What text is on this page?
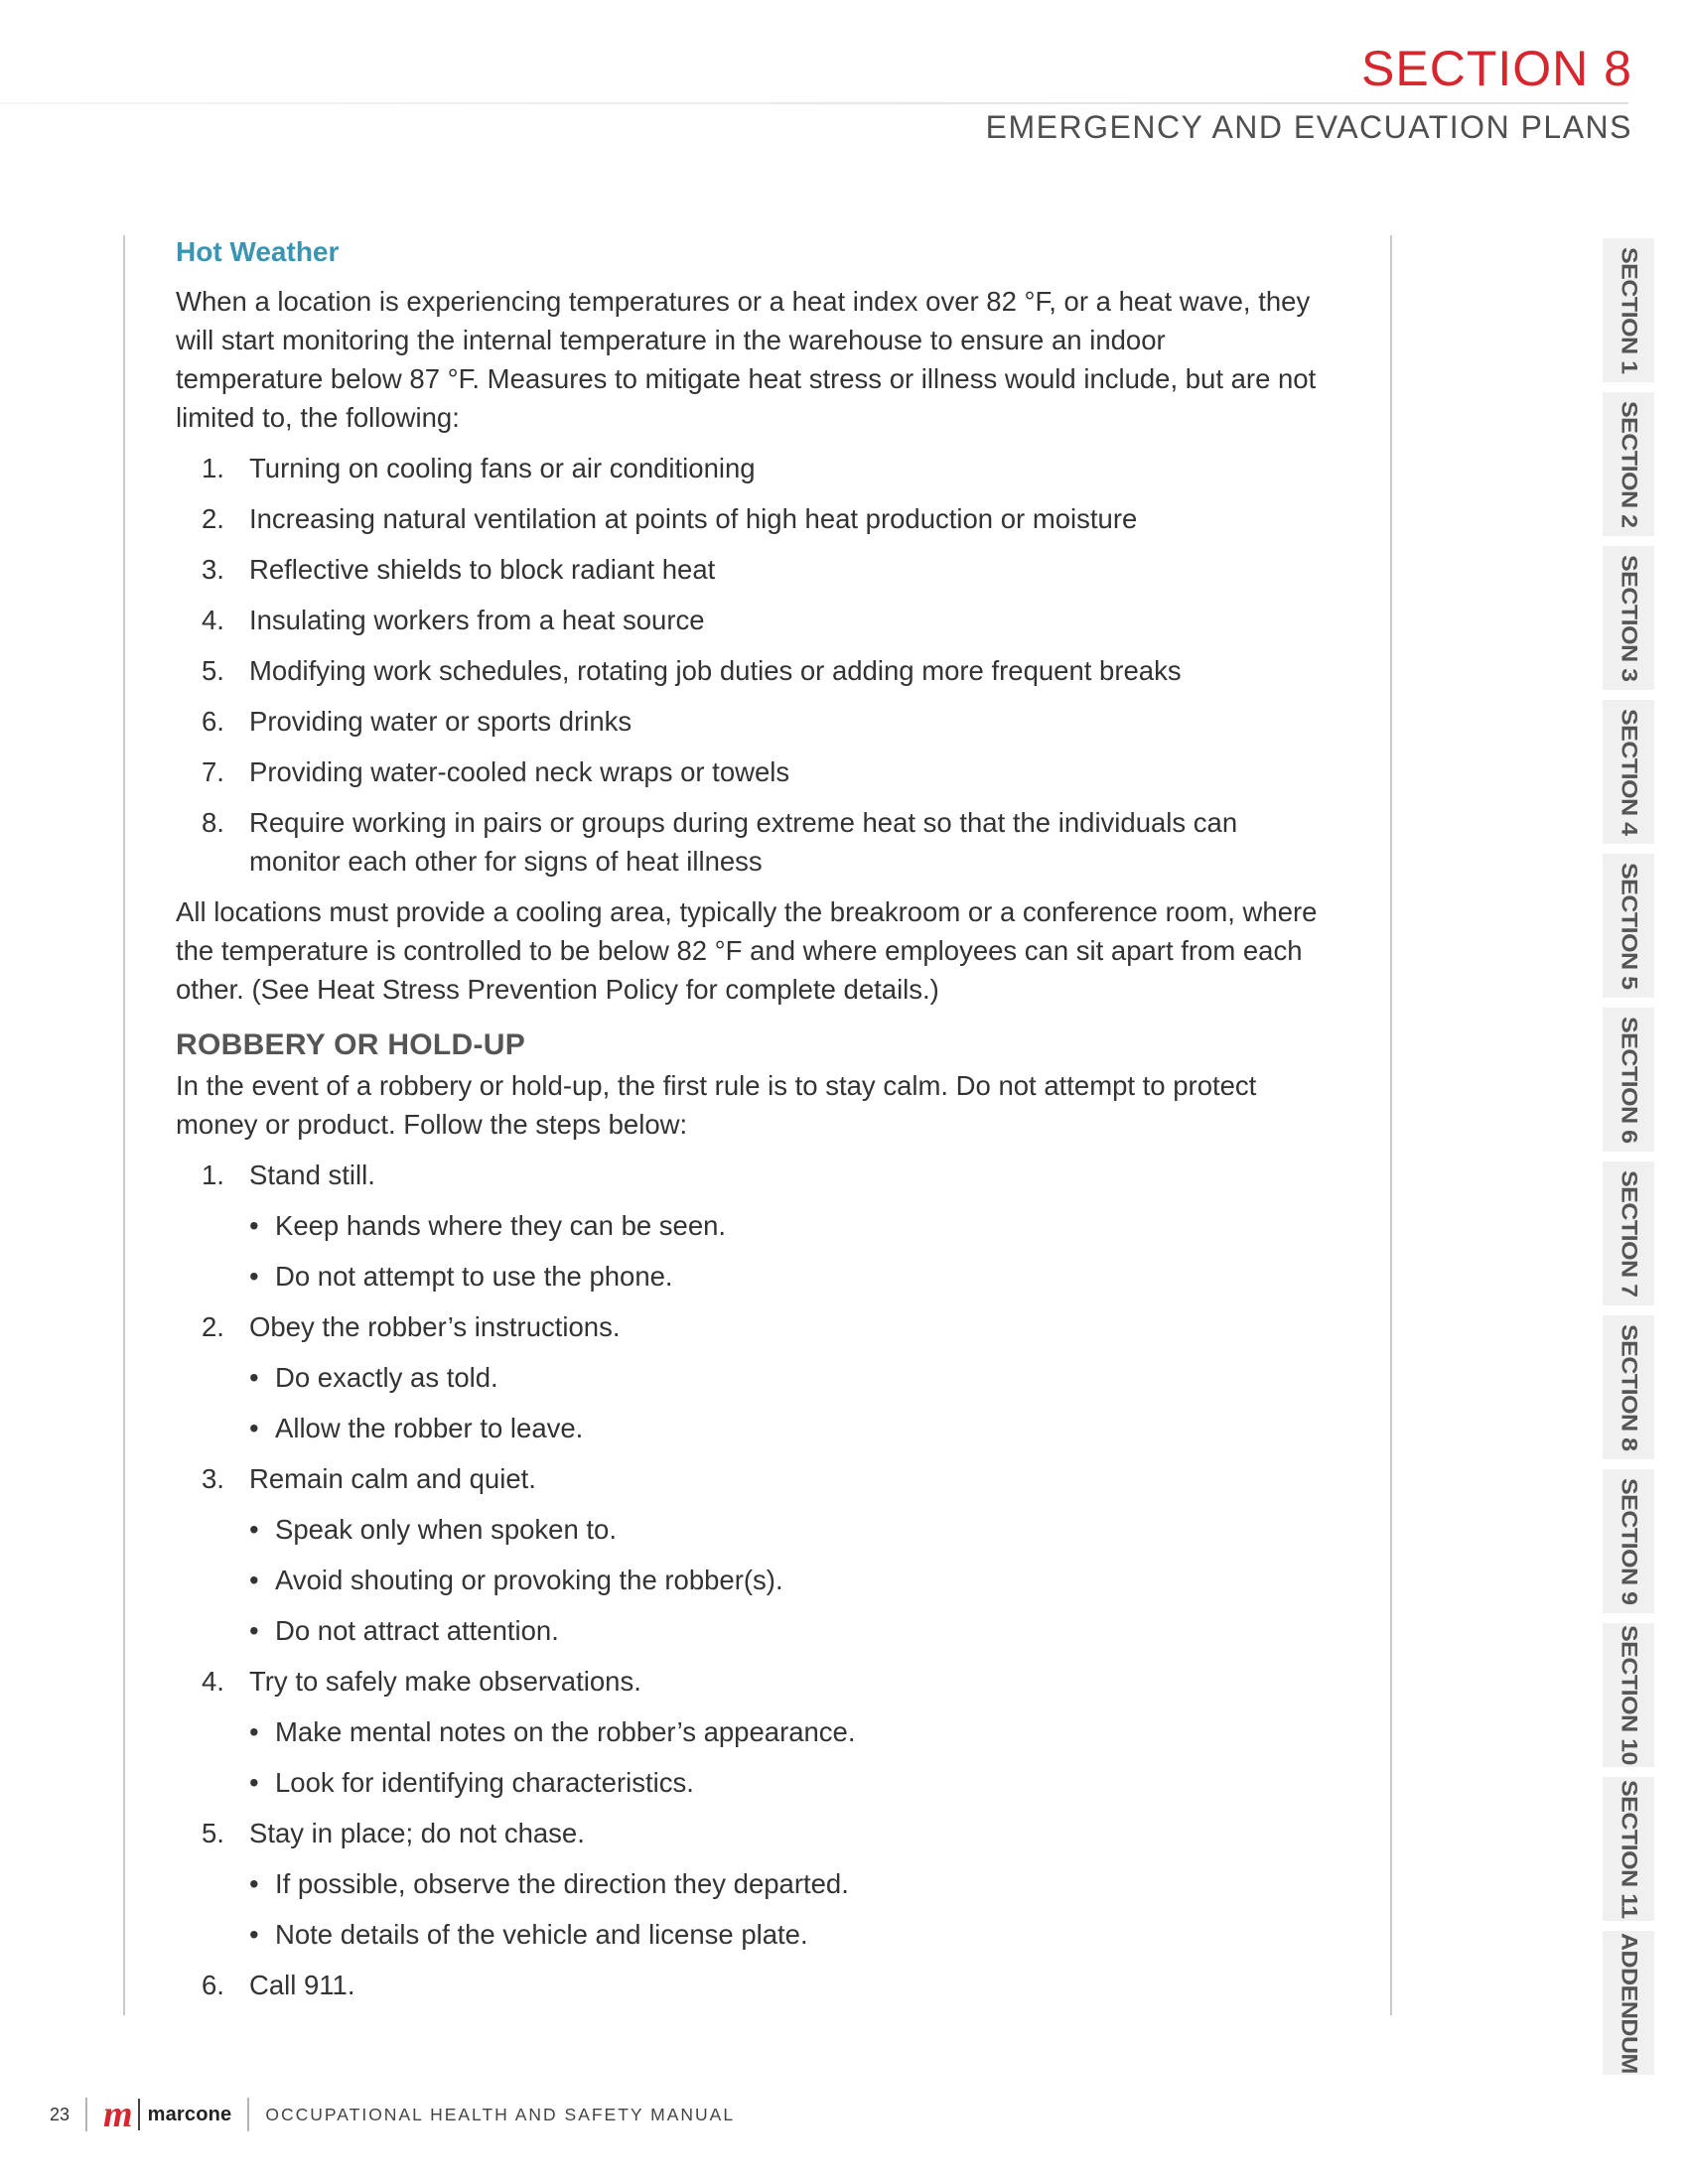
SECTION 8
EMERGENCY AND EVACUATION PLANS
Hot Weather
When a location is experiencing temperatures or a heat index over 82 °F, or a heat wave, they will start monitoring the internal temperature in the warehouse to ensure an indoor temperature below 87 °F. Measures to mitigate heat stress or illness would include, but are not limited to, the following:
1. Turning on cooling fans or air conditioning
2. Increasing natural ventilation at points of high heat production or moisture
3. Reflective shields to block radiant heat
4. Insulating workers from a heat source
5. Modifying work schedules, rotating job duties or adding more frequent breaks
6. Providing water or sports drinks
7. Providing water-cooled neck wraps or towels
8. Require working in pairs or groups during extreme heat so that the individuals can monitor each other for signs of heat illness
All locations must provide a cooling area, typically the breakroom or a conference room, where the temperature is controlled to be below 82 °F and where employees can sit apart from each other. (See Heat Stress Prevention Policy for complete details.)
ROBBERY OR HOLD-UP
In the event of a robbery or hold-up, the first rule is to stay calm. Do not attempt to protect money or product. Follow the steps below:
1. Stand still.
• Keep hands where they can be seen.
• Do not attempt to use the phone.
2. Obey the robber’s instructions.
• Do exactly as told.
• Allow the robber to leave.
3. Remain calm and quiet.
• Speak only when spoken to.
• Avoid shouting or provoking the robber(s).
• Do not attract attention.
4. Try to safely make observations.
• Make mental notes on the robber’s appearance.
• Look for identifying characteristics.
5. Stay in place; do not chase.
• If possible, observe the direction they departed.
• Note details of the vehicle and license plate.
6. Call 911.
SECTION 1
SECTION 2
SECTION 3
SECTION 4
SECTION 5
SECTION 6
SECTION 7
SECTION 8
SECTION 9
SECTION 10
SECTION 11
ADDENDUM
23 m marcone OCCUPATIONAL HEALTH AND SAFETY MANUAL
